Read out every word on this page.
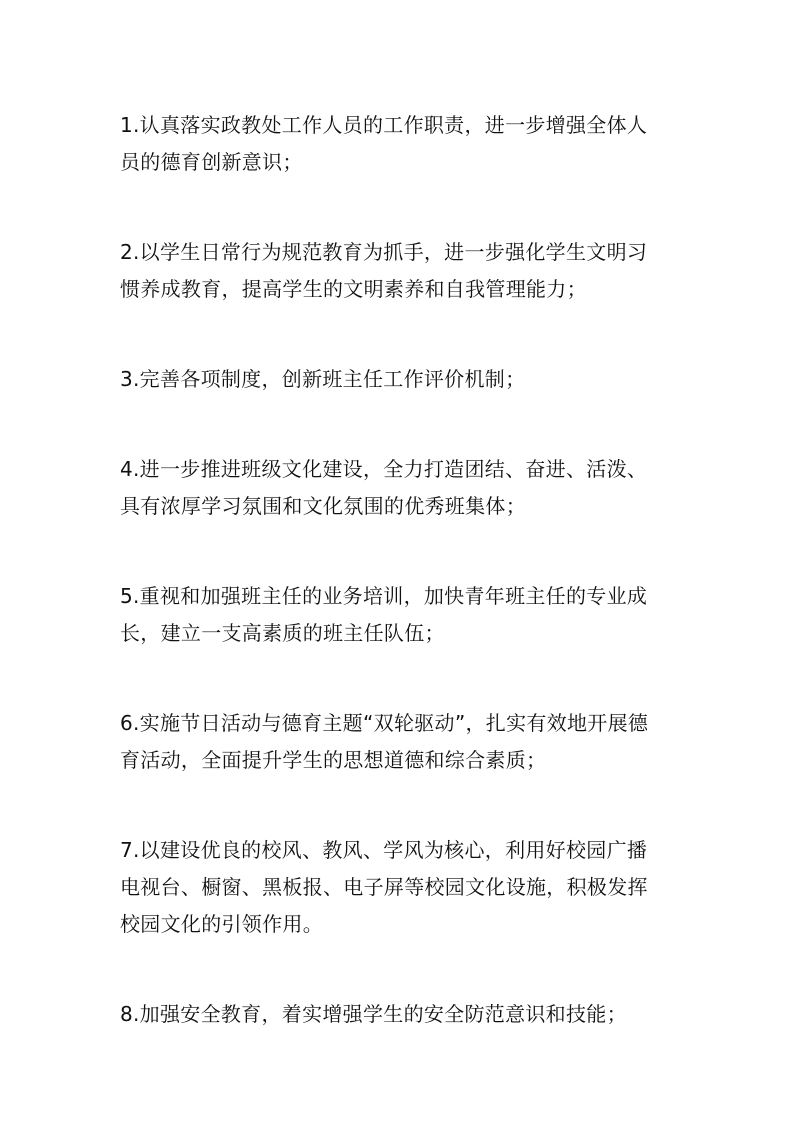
1.认真落实政教处工作人员的工作职责，进一步增强全体人
员的德育创新意识；

2.以学生日常行为规范教育为抓手，进一步强化学生文明习
惯养成教育，提高学生的文明素养和自我管理能力；

3.完善各项制度，创新班主任工作评价机制；

4.进一步推进班级文化建设，全力打造团结、奋进、活泼、
具有浓厚学习氛围和文化氛围的优秀班集体；

5.重视和加强班主任的业务培训，加快青年班主任的专业成
长，建立一支高素质的班主任队伍；

6.实施节日活动与德育主题“双轮驱动”，扎实有效地开展德
育活动，全面提升学生的思想道德和综合素质；

7.以建设优良的校风、教风、学风为核心，利用好校园广播
电视台、橱窗、黑板报、电子屏等校园文化设施，积极发挥
校园文化的引领作用。

8.加强安全教育，着实增强学生的安全防范意识和技能；
